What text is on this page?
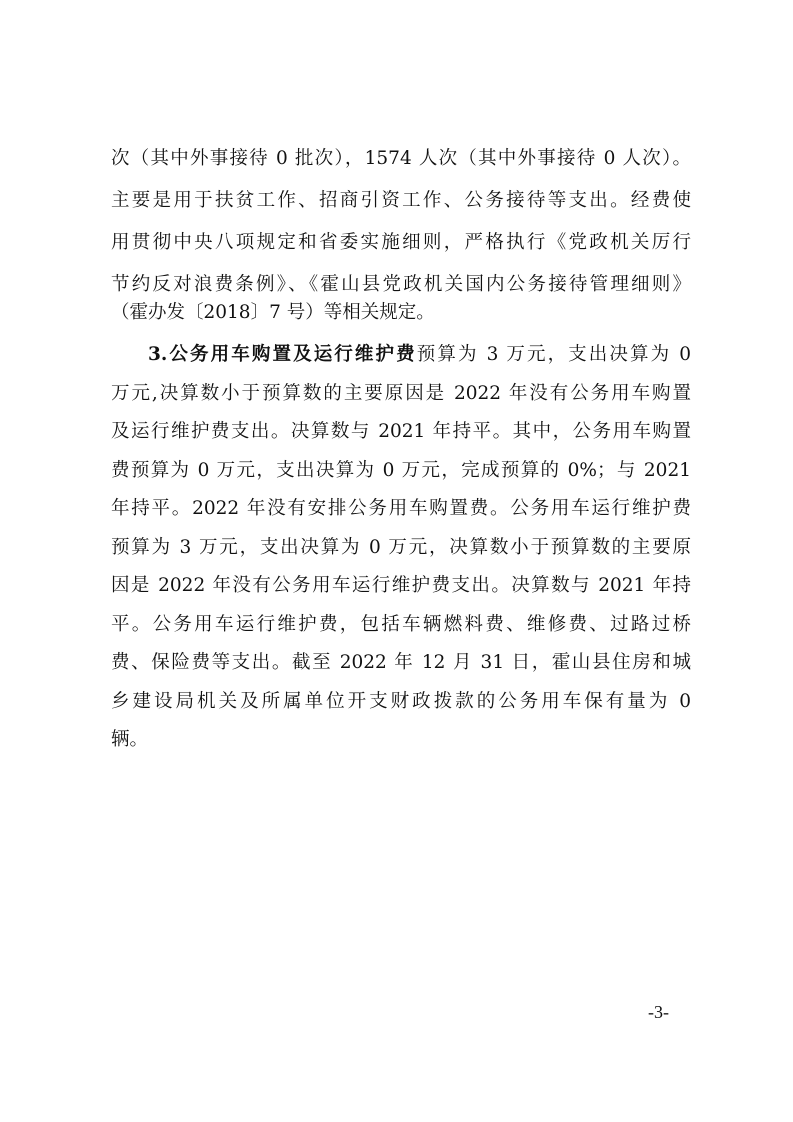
次（其中外事接待 0 批次），1574 人次（其中外事接待 0 人次）。
主要是用于扶贫工作、招商引资工作、公务接待等支出。经费使
用贯彻中央八项规定和省委实施细则，严格执行《党政机关厉行
节约反对浪费条例》、《霍山县党政机关国内公务接待管理细则》
（霍办发〔2018〕7 号）等相关规定。
3.公务用车购置及运行维护费预算为 3 万元，支出决算为 0
万元,决算数小于预算数的主要原因是 2022 年没有公务用车购置
及运行维护费支出。决算数与 2021 年持平。其中，公务用车购置
费预算为 0 万元，支出决算为 0 万元，完成预算的 0%；与 2021
年持平。2022 年没有安排公务用车购置费。公务用车运行维护费
预算为 3 万元，支出决算为 0 万元，决算数小于预算数的主要原
因是 2022 年没有公务用车运行维护费支出。决算数与 2021 年持
平。公务用车运行维护费，包括车辆燃料费、维修费、过路过桥
费、保险费等支出。截至 2022 年 12 月 31 日，霍山县住房和城
乡建设局机关及所属单位开支财政拨款的公务用车保有量为 0
辆。
-3-
